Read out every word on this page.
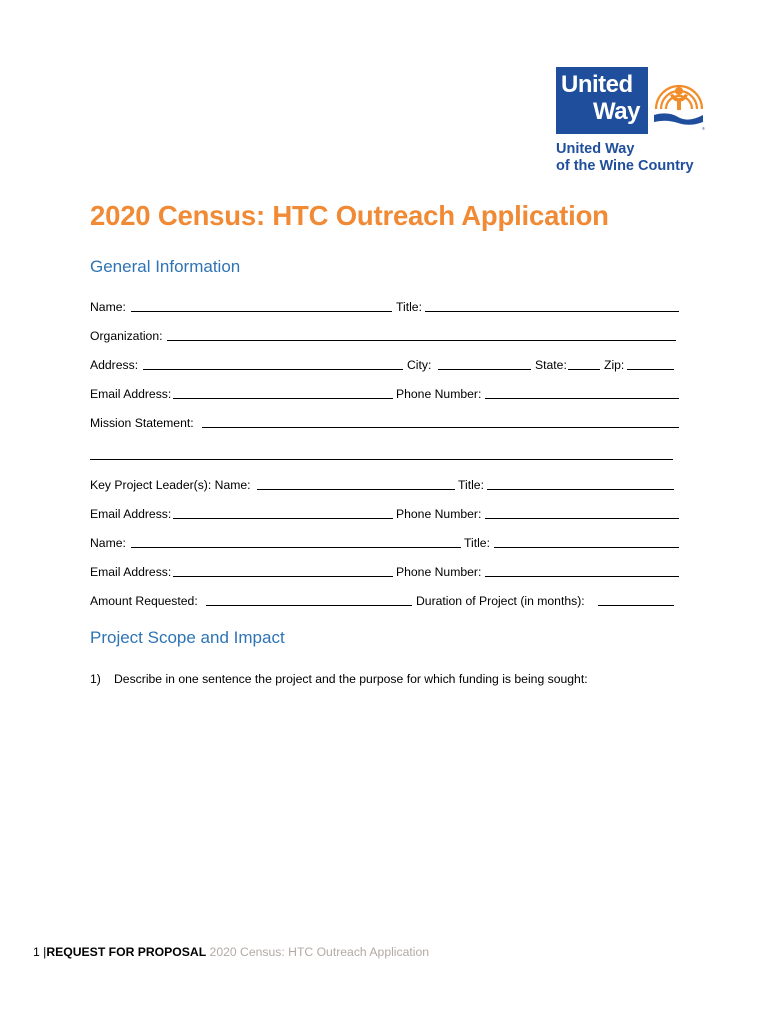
United
Way
®
United Way
of the Wine Country
2020 Census: HTC Outreach Application
General Information
Name:	Title:
Organization:
Address:	City:	State:	Zip:
Email Address:	Phone Number:
Mission Statement:
Key Project Leader(s): Name:	Title:
Email Address:	Phone Number:
Name:	Title:
Email Address:	Phone Number:
Amount Requested:	Duration of Project (in months):
Project Scope and Impact
1) Describe in one sentence the project and the purpose for which funding is being sought:
1 |REQUEST FOR PROPOSAL 2020 Census: HTC Outreach Application
